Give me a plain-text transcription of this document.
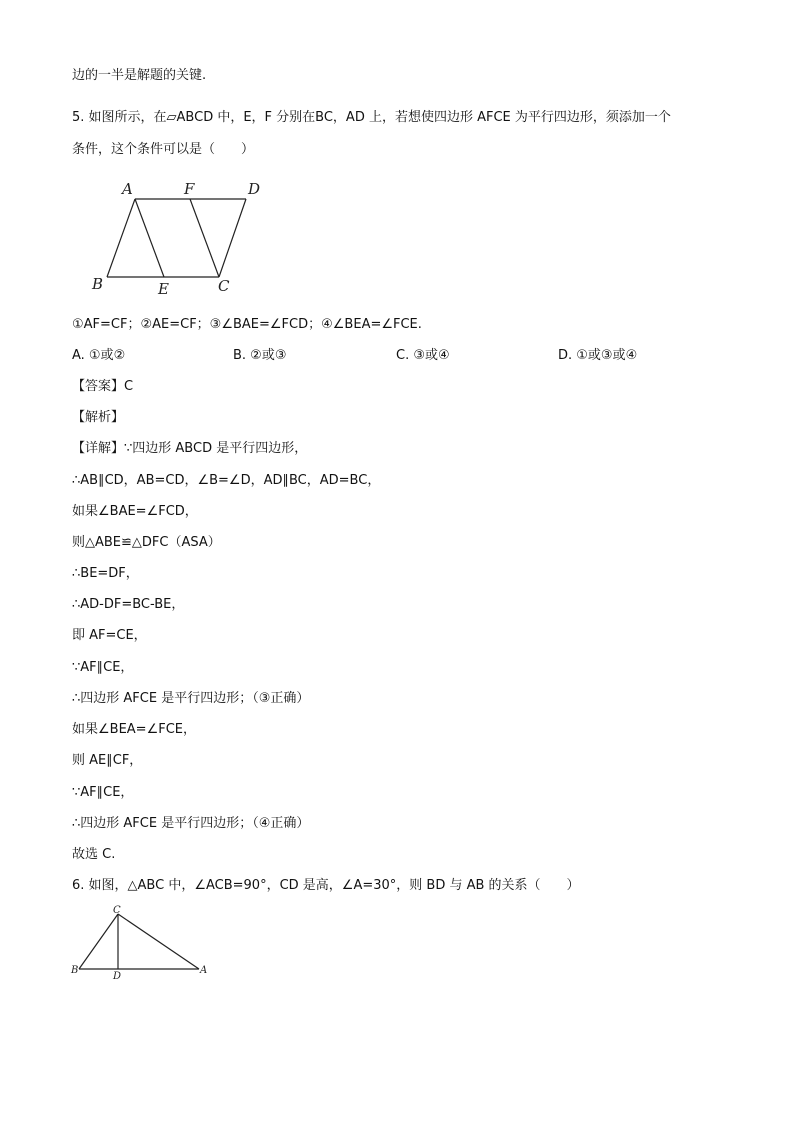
边的一半是解题的关键.
5. 如图所示，在▱ABCD 中，E，F 分别在BC，AD 上，若想使四边形 AFCE 为平行四边形，须添加一个
条件，这个条件可以是（　　）
A	F	D
B	E	C
①AF=CF；②AE=CF；③∠BAE=∠FCD；④∠BEA=∠FCE.
A. ①或②	B. ②或③	C. ③或④	D. ①或③或④
【答案】C
【解析】
【详解】∵四边形 ABCD 是平行四边形，
∴AB∥CD，AB=CD，∠B=∠D，AD∥BC，AD=BC，
如果∠BAE=∠FCD，
则△ABE≌△DFC（ASA）
∴BE=DF，
∴AD-DF=BC-BE，
即 AF=CE，
∵AF∥CE，
∴四边形 AFCE 是平行四边形；（③正确）
如果∠BEA=∠FCE，
则 AE∥CF，
∵AF∥CE，
∴四边形 AFCE 是平行四边形；（④正确）
故选 C.
6. 如图，△ABC 中，∠ACB=90°，CD 是高，∠A=30°，则 BD 与 AB 的关系（　　）
C
B
D
A
